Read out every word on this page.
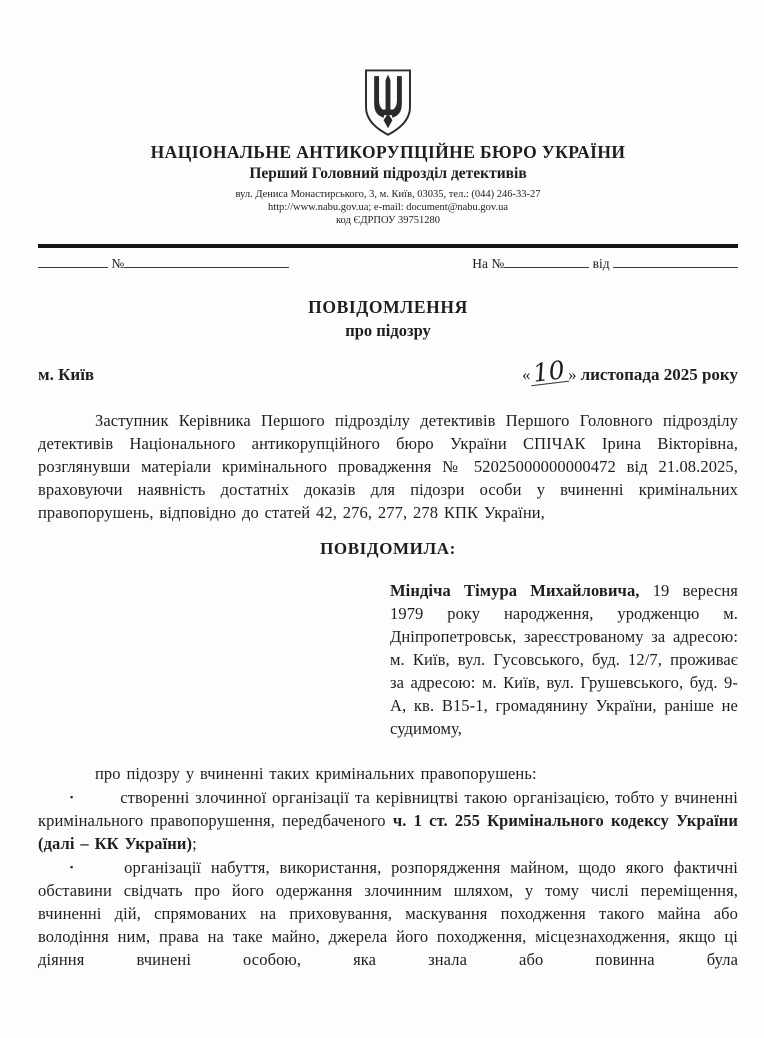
НАЦІОНАЛЬНЕ АНТИКОРУПЦІЙНЕ БЮРО УКРАЇНИ
Перший Головний підрозділ детективів
вул. Дениса Монастирського, 3, м. Київ, 03035, тел.: (044) 246-33-27
http://www.nabu.gov.ua; e-mail: document@nabu.gov.ua
код ЄДРПОУ 39751280
№	На №	від
ПОВІДОМЛЕННЯ
про підозру
м. Київ	«10» листопада 2025 року

Заступник Керівника Першого підрозділу детективів Першого Головного підрозділу детективів Національного антикорупційного бюро України СПІЧАК Ірина Вікторівна, розглянувши матеріали кримінального провадження № 52025000000000472 від 21.08.2025, враховуючи наявність достатніх доказів для підозри особи у вчиненні кримінальних правопорушень, відповідно до статей 42, 276, 277, 278 КПК України,

ПОВІДОМИЛА:

Міндіча Тімура Михайловича, 19 вересня 1979 року народження, уродженцю м. Дніпропетровськ, зареєстрованому за адресою: м. Київ, вул. Гусовського, буд. 12/7, проживає за адресою: м. Київ, вул. Грушевського, буд. 9-А, кв. В15-1, громадянину України, раніше не судимому,

про підозру у вчиненні таких кримінальних правопорушень:

▪	створенні злочинної організації та керівництві такою організацією, тобто у вчиненні кримінального правопорушення, передбаченого ч. 1 ст. 255 Кримінального кодексу України (далі – КК України);

▪	організації набуття, використання, розпорядження майном, щодо якого фактичні обставини свідчать про його одержання злочинним шляхом, у тому числі переміщення, вчиненні дій, спрямованих на приховування, маскування походження такого майна або володіння ним, права на таке майно, джерела його походження, місцезнаходження, якщо ці діяння вчинені особою, яка знала або повинна була
